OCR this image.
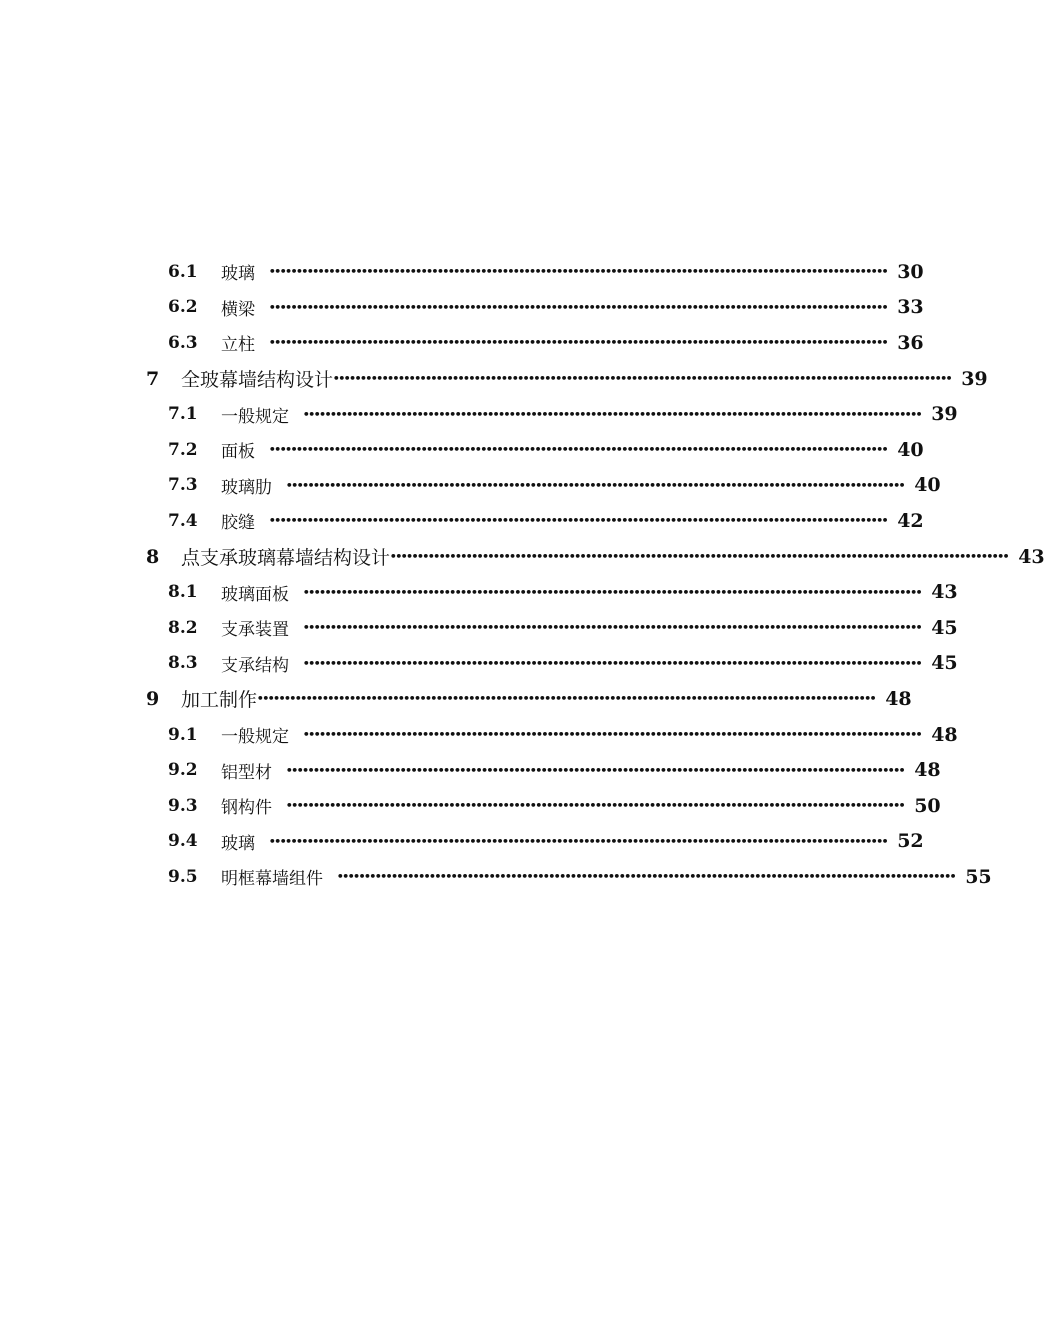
6.1 玻璃 •••••••••••••••••••••••••••••••••••••••••••••••••••••••••••••••••••••••••••••••••••••••••••••••••••••••••••••••••• 30
6.2 横梁 •••••••••••••••••••••••••••••••••••••••••••••••••••••••••••••••••••••••••••••••••••••••••••••••••••••••••••••••••• 33
6.3 立柱 •••••••••••••••••••••••••••••••••••••••••••••••••••••••••••••••••••••••••••••••••••••••••••••••••••••••••••••••••• 36
7 全玻幕墙结构设计 •••••••••••••••••••••••••••••••••••••••••••••••••••••••••••••••••••••••••••••••••••••••••••••••••••••••••••••••••• 39
7.1 一般规定 •••••••••••••••••••••••••••••••••••••••••••••••••••••••••••••••••••••••••••••••••••••••••••••••••••••••••••••••••• 39
7.2 面板 •••••••••••••••••••••••••••••••••••••••••••••••••••••••••••••••••••••••••••••••••••••••••••••••••••••••••••••••••• 40
7.3 玻璃肋 •••••••••••••••••••••••••••••••••••••••••••••••••••••••••••••••••••••••••••••••••••••••••••••••••••••••••••••••••• 40
7.4 胶缝 •••••••••••••••••••••••••••••••••••••••••••••••••••••••••••••••••••••••••••••••••••••••••••••••••••••••••••••••••• 42
8 点支承玻璃幕墙结构设计 •••••••••••••••••••••••••••••••••••••••••••••••••••••••••••••••••••••••••••••••••••••••••••••••••••••••••••••••••• 43
8.1 玻璃面板 •••••••••••••••••••••••••••••••••••••••••••••••••••••••••••••••••••••••••••••••••••••••••••••••••••••••••••••••••• 43
8.2 支承装置 •••••••••••••••••••••••••••••••••••••••••••••••••••••••••••••••••••••••••••••••••••••••••••••••••••••••••••••••••• 45
8.3 支承结构 •••••••••••••••••••••••••••••••••••••••••••••••••••••••••••••••••••••••••••••••••••••••••••••••••••••••••••••••••• 45
9 加工制作 •••••••••••••••••••••••••••••••••••••••••••••••••••••••••••••••••••••••••••••••••••••••••••••••••••••••••••••••••• 48
9.1 一般规定 •••••••••••••••••••••••••••••••••••••••••••••••••••••••••••••••••••••••••••••••••••••••••••••••••••••••••••••••••• 48
9.2 铝型材 •••••••••••••••••••••••••••••••••••••••••••••••••••••••••••••••••••••••••••••••••••••••••••••••••••••••••••••••••• 48
9.3 钢构件 •••••••••••••••••••••••••••••••••••••••••••••••••••••••••••••••••••••••••••••••••••••••••••••••••••••••••••••••••• 50
9.4 玻璃 •••••••••••••••••••••••••••••••••••••••••••••••••••••••••••••••••••••••••••••••••••••••••••••••••••••••••••••••••• 52
9.5 明框幕墙组件 •••••••••••••••••••••••••••••••••••••••••••••••••••••••••••••••••••••••••••••••••••••••••••••••••••••••••••••••••• 55
